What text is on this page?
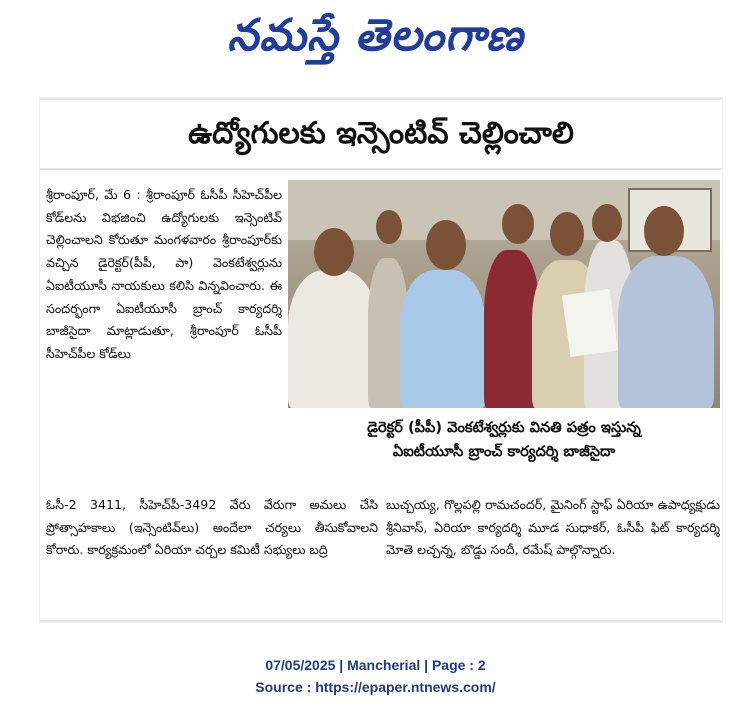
నమస్తే తెలంగాణ
ఉద్యోగులకు ఇన్సెంటివ్ చెల్లించాలి
శ్రీరాంపూర్, మే 6 : శ్రీరాంపూర్ ఓసీపీ సీహెచ్‌పీల కోడ్‌లను విభజించి ఉద్యోగులకు ఇన్సెంటివ్ చెల్లించాలని కోరుతూ మంగళవారం శ్రీరాంపూర్‌కు వచ్చిన డైరెక్టర్(పీపీ, పా) వెంకటేశ్వర్లును ఏఐటీయూసీ నాయకులు కలిసి విన్నవించారు. ఈ సందర్భంగా ఏఐటీయూసీ బ్రాంచ్ కార్యదర్శి బాజీసైదా మాట్లాడుతూ, శ్రీరాంపూర్ ఓసీపీ సీహెచ్‌పీల కోడ్‌లు
డైరెక్టర్ (పీపీ) వెంకటేశ్వర్లుకు వినతి పత్రం ఇస్తున్న
ఏఐటీయూసీ బ్రాంచ్ కార్యదర్శి బాజీసైదా
ఓసీ-2 3411, సీహెచ్‌పీ-3492 వేరు వేరుగా అమలు చేసి ప్రోత్సాహకాలు (ఇన్సెంటివ్‌లు) అందేలా చర్యలు తీసుకోవాలని కోరారు. కార్యక్రమంలో ఏరియా చర్చల కమిటీ సభ్యులు బద్రి
బుచ్చయ్య, గొల్లపల్లి రామచందర్, మైనింగ్ స్టాఫ్ ఏరియా ఉపాధ్యక్షుడు శ్రీనివాస్, ఏరియా కార్యదర్శి మూడ సుధాకర్, ఓసీపీ ఫిట్ కార్యదర్శి మోతె లచ్చన్న, బొడ్డు సందీ, రమేష్ పాల్గొన్నారు.
07/05/2025 | Mancherial | Page : 2
Source : https://epaper.ntnews.com/
